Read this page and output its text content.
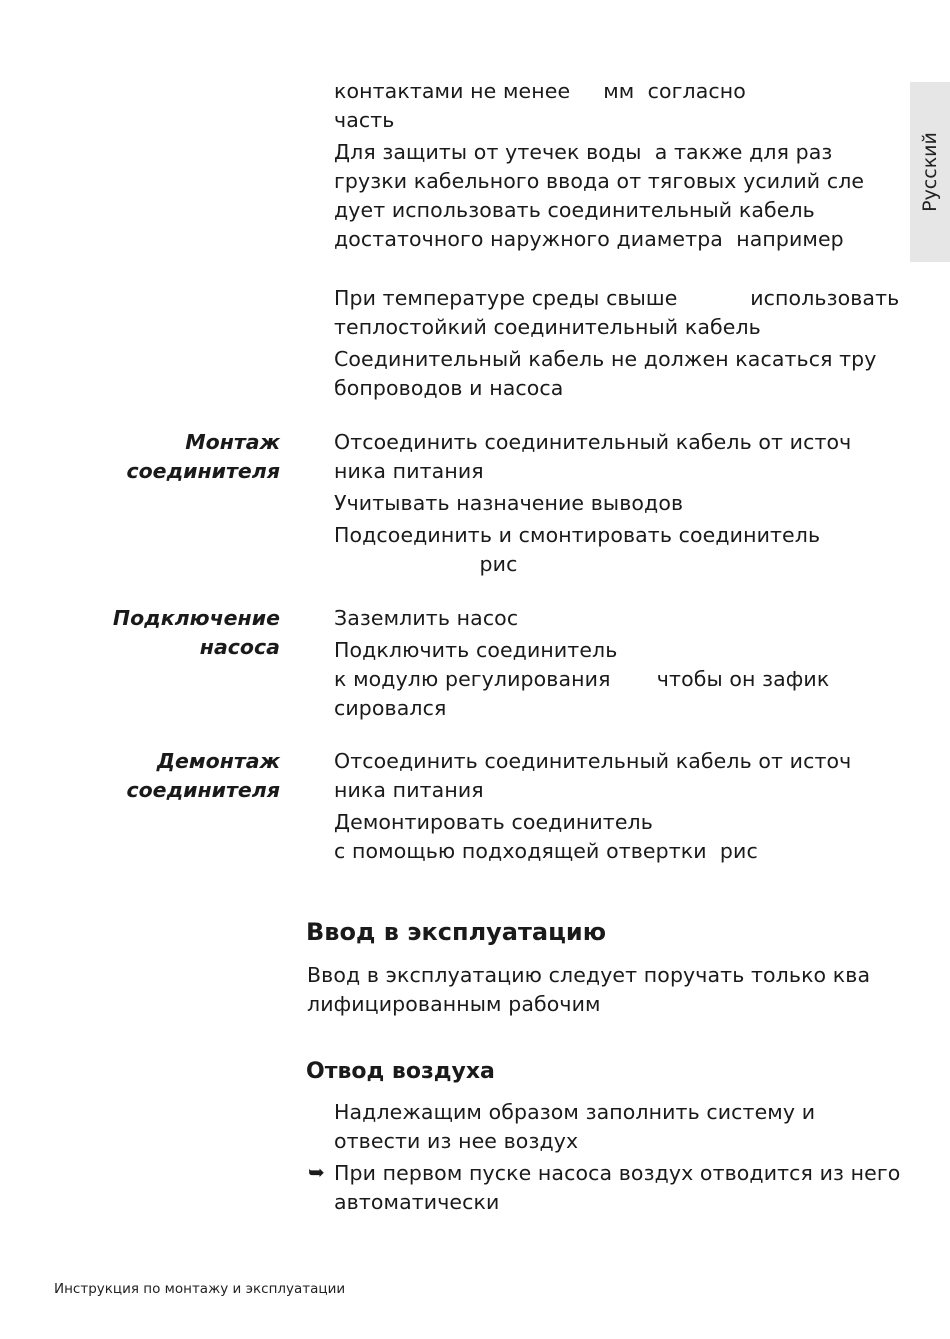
Русский
контактами не менее     мм  согласно
часть
Для защиты от утечек воды  а также для раз
грузки кабельного ввода от тяговых усилий сле
дует использовать соединительный кабель
достаточного наружного диаметра  например
При температуре среды свыше           использовать
теплостойкий соединительный кабель
Соединительный кабель не должен касаться тру
бопроводов и насоса
Монтаж
соединителя
Отсоединить соединительный кабель от источ
ника питания
Учитывать назначение выводов
Подсоединить и смонтировать соединитель
рис
Подключение
насоса
Заземлить насос
Подключить соединитель
к модулю регулирования       чтобы он зафик
сировался
Демонтаж
соединителя
Отсоединить соединительный кабель от источ
ника питания
Демонтировать соединитель
с помощью подходящей отвертки  рис
Ввод в эксплуатацию
Ввод в эксплуатацию следует поручать только ква
лифицированным рабочим
Отвод воздуха
Надлежащим образом заполнить систему и
отвести из нее воздух
➥ При первом пуске насоса воздух отводится из него
автоматически
Инструкция по монтажу и эксплуатации
